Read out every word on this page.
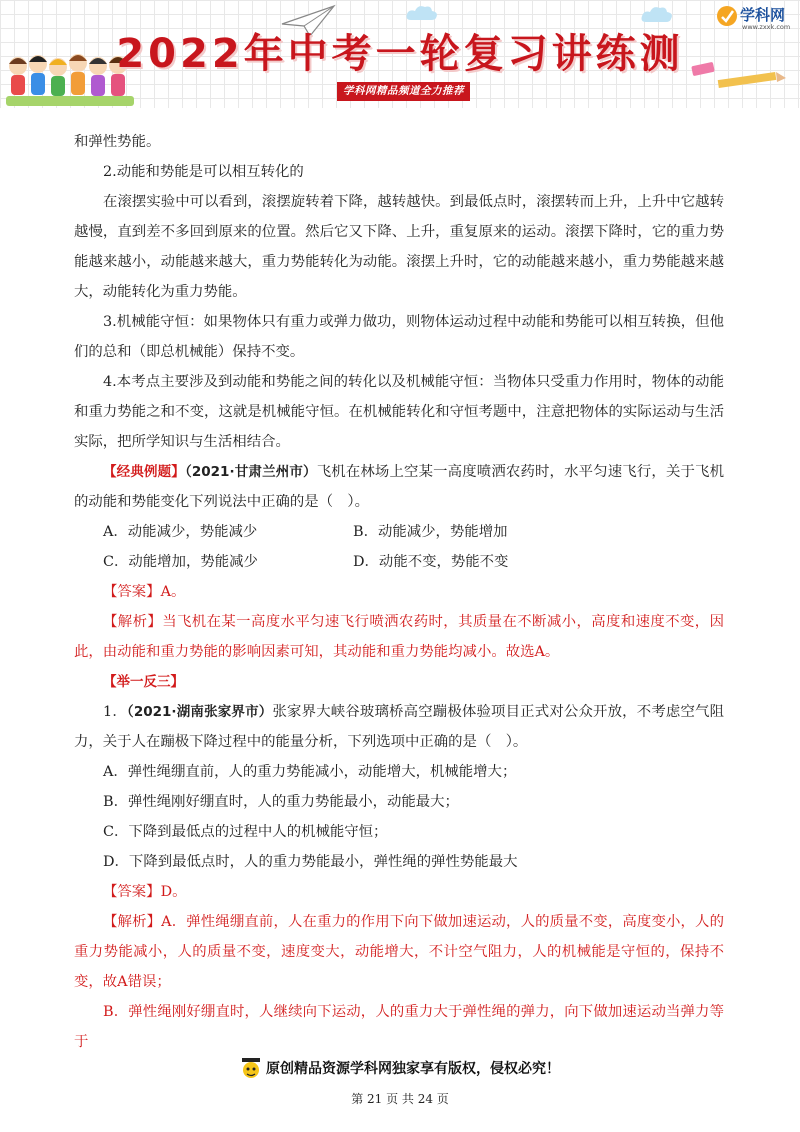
2022年中考一轮复习讲练测
学科网精品频道全力推荐
学科网
www.zxxk.com

和弹性势能。

2.动能和势能是可以相互转化的

在滚摆实验中可以看到，滚摆旋转着下降，越转越快。到最低点时，滚摆转而上升，上升中它越转越慢，直到差不多回到原来的位置。然后它又下降、上升，重复原来的运动。滚摆下降时，它的重力势能越来越小，动能越来越大，重力势能转化为动能。滚摆上升时，它的动能越来越小，重力势能越来越大，动能转化为重力势能。

3.机械能守恒：如果物体只有重力或弹力做功，则物体运动过程中动能和势能可以相互转换，但他们的总和（即总机械能）保持不变。

4.本考点主要涉及到动能和势能之间的转化以及机械能守恒：当物体只受重力作用时，物体的动能和重力势能之和不变，这就是机械能守恒。在机械能转化和守恒考题中，注意把物体的实际运动与生活实际，把所学知识与生活相结合。

【经典例题】（2021·甘肃兰州市）飞机在林场上空某一高度喷洒农药时，水平匀速飞行，关于飞机的动能和势能变化下列说法中正确的是（　）。

A．动能减少，势能减少	B．动能减少，势能增加
C．动能增加，势能减少	D．动能不变，势能不变

【答案】A。

【解析】当飞机在某一高度水平匀速飞行喷洒农药时，其质量在不断减小，高度和速度不变，因此，由动能和重力势能的影响因素可知，其动能和重力势能均减小。故选A。

【举一反三】

1．（2021·湖南张家界市）张家界大峡谷玻璃桥高空蹦极体验项目正式对公众开放，不考虑空气阻力，关于人在蹦极下降过程中的能量分析，下列选项中正确的是（　）。

A．弹性绳绷直前，人的重力势能减小，动能增大，机械能增大；

B．弹性绳刚好绷直时，人的重力势能最小，动能最大；

C．下降到最低点的过程中人的机械能守恒；

D．下降到最低点时，人的重力势能最小，弹性绳的弹性势能最大

【答案】D。

【解析】A．弹性绳绷直前，人在重力的作用下向下做加速运动，人的质量不变，高度变小，人的重力势能减小，人的质量不变，速度变大，动能增大，不计空气阻力，人的机械能是守恒的，保持不变，故A错误；

B．弹性绳刚好绷直时，人继续向下运动，人的重力大于弹性绳的弹力，向下做加速运动当弹力等于

原创精品资源学科网独家享有版权，侵权必究！
第 21 页 共 24 页
